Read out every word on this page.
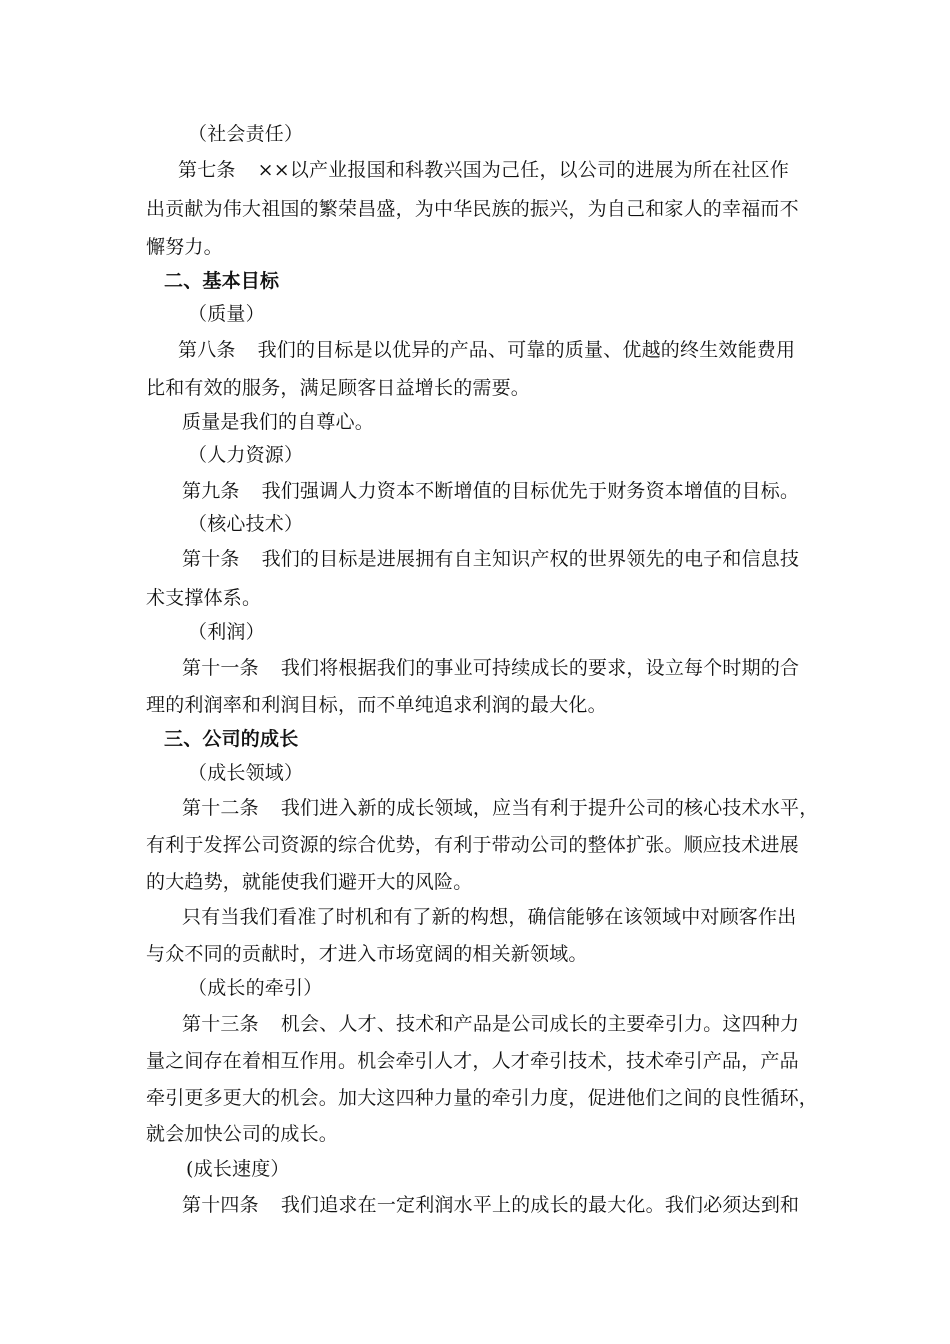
（社会责任）
第七条 ××以产业报国和科教兴国为己任，以公司的进展为所在社区作
出贡献为伟大祖国的繁荣昌盛，为中华民族的振兴，为自己和家人的幸福而不
懈努力。
二、基本目标
（质量）
第八条 我们的目标是以优异的产品、可靠的质量、优越的终生效能费用
比和有效的服务，满足顾客日益增长的需要。
质量是我们的自尊心。
（人力资源）
第九条 我们强调人力资本不断增值的目标优先于财务资本增值的目标。
（核心技术）
第十条 我们的目标是进展拥有自主知识产权的世界领先的电子和信息技
术支撑体系。
（利润）
第十一条 我们将根据我们的事业可持续成长的要求，设立每个时期的合
理的利润率和利润目标，而不单纯追求利润的最大化。
三、公司的成长
（成长领域）
第十二条 我们进入新的成长领域，应当有利于提升公司的核心技术水平，
有利于发挥公司资源的综合优势，有利于带动公司的整体扩张。顺应技术进展
的大趋势，就能使我们避开大的风险。
只有当我们看准了时机和有了新的构想，确信能够在该领域中对顾客作出
与众不同的贡献时，才进入市场宽阔的相关新领域。
（成长的牵引）
第十三条 机会、人才、技术和产品是公司成长的主要牵引力。这四种力
量之间存在着相互作用。机会牵引人才，人才牵引技术，技术牵引产品，产品
牵引更多更大的机会。加大这四种力量的牵引力度，促进他们之间的良性循环，
就会加快公司的成长。
(成长速度）
第十四条 我们追求在一定利润水平上的成长的最大化。我们必须达到和
